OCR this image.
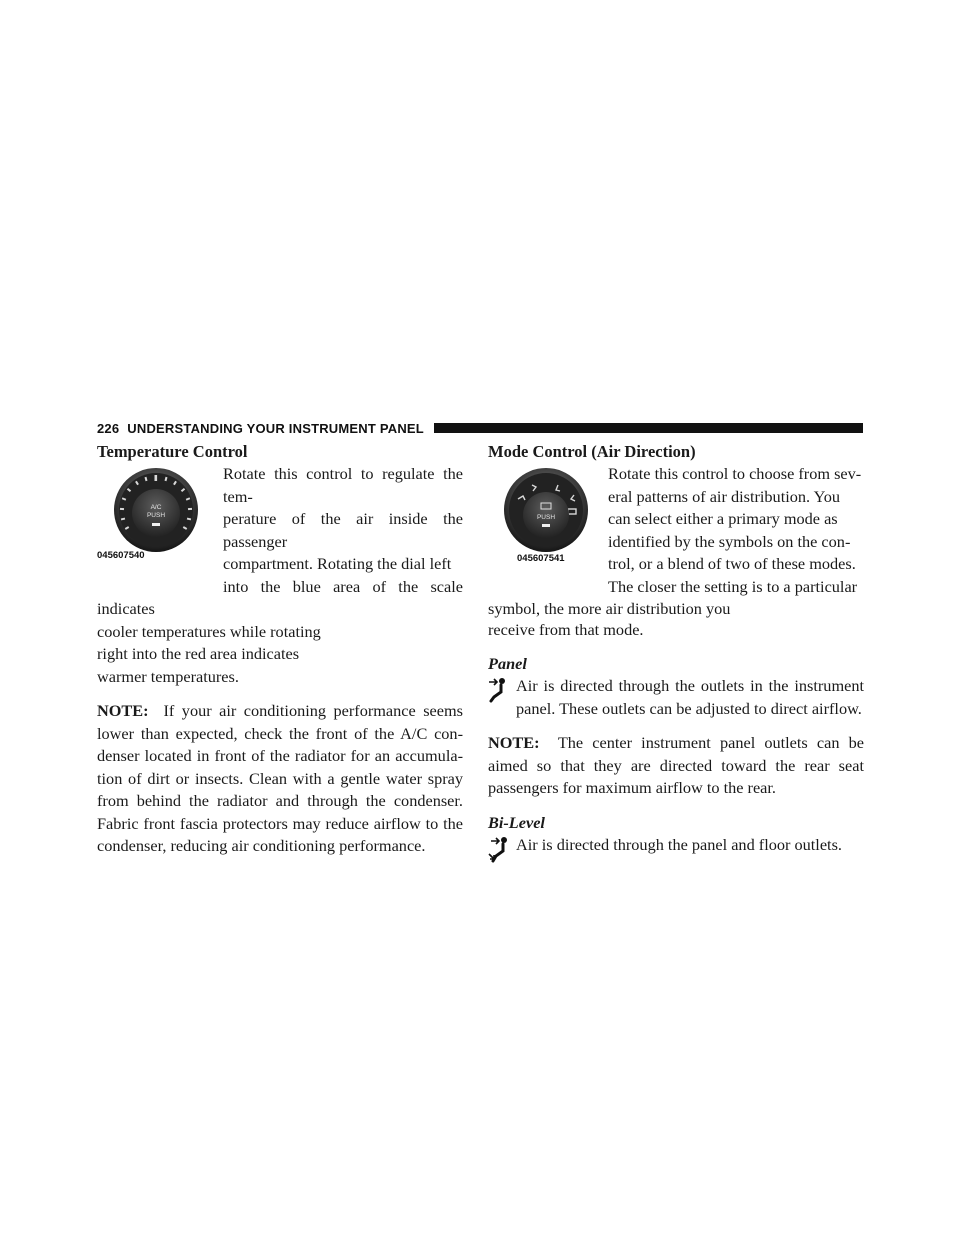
226 UNDERSTANDING YOUR INSTRUMENT PANEL
Temperature Control
A/C
PUSH
045607540
Rotate this control to regulate the tem-
perature of the air inside the passenger
compartment. Rotating the dial left
into the blue area of the scale indicates
cooler temperatures while rotating
right into the red area indicates
warmer temperatures.

NOTE: If your air conditioning performance seems lower than expected, check the front of the A/C con- denser located in front of the radiator for an accumula- tion of dirt or insects. Clean with a gentle water spray from behind the radiator and through the condenser. Fabric front fascia protectors may reduce airflow to the condenser, reducing air conditioning performance.

Mode Control (Air Direction)
PUSH
045607541
Rotate this control to choose from sev-
eral patterns of air distribution. You
can select either a primary mode as
identified by the symbols on the con-
trol, or a blend of two of these modes.
The closer the setting is to a particular
symbol, the more air distribution you
receive from that mode.

Panel

Air is directed through the outlets in the instrument panel. These outlets can be adjusted to direct airflow.

NOTE: The center instrument panel outlets can be aimed so that they are directed toward the rear seat passengers for maximum airflow to the rear.

Bi-Level

Air is directed through the panel and floor outlets.
